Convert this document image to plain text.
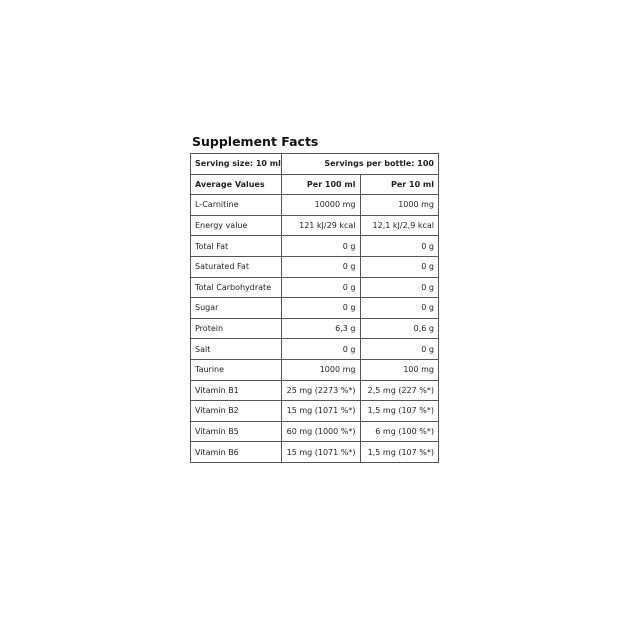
Supplement Facts
Serving size: 10 ml	Servings per bottle: 100	
Average Values	Per 100 ml	Per 10 ml
L-Carnitine	10000 mg	1000 mg
Energy value	121 kJ/29 kcal	12,1 kJ/2,9 kcal
Total Fat	0 g	0 g
Saturated Fat	0 g	0 g
Total Carbohydrate	0 g	0 g
Sugar	0 g	0 g
Protein	6,3 g	0,6 g
Salt	0 g	0 g
Taurine	1000 mg	100 mg
Vitamin B1	25 mg (2273 %*)	2,5 mg (227 %*)
Vitamin B2	15 mg (1071 %*)	1,5 mg (107 %*)
Vitamin B5	60 mg (1000 %*)	6 mg (100 %*)
Vitamin B6	15 mg (1071 %*)	1,5 mg (107 %*)
